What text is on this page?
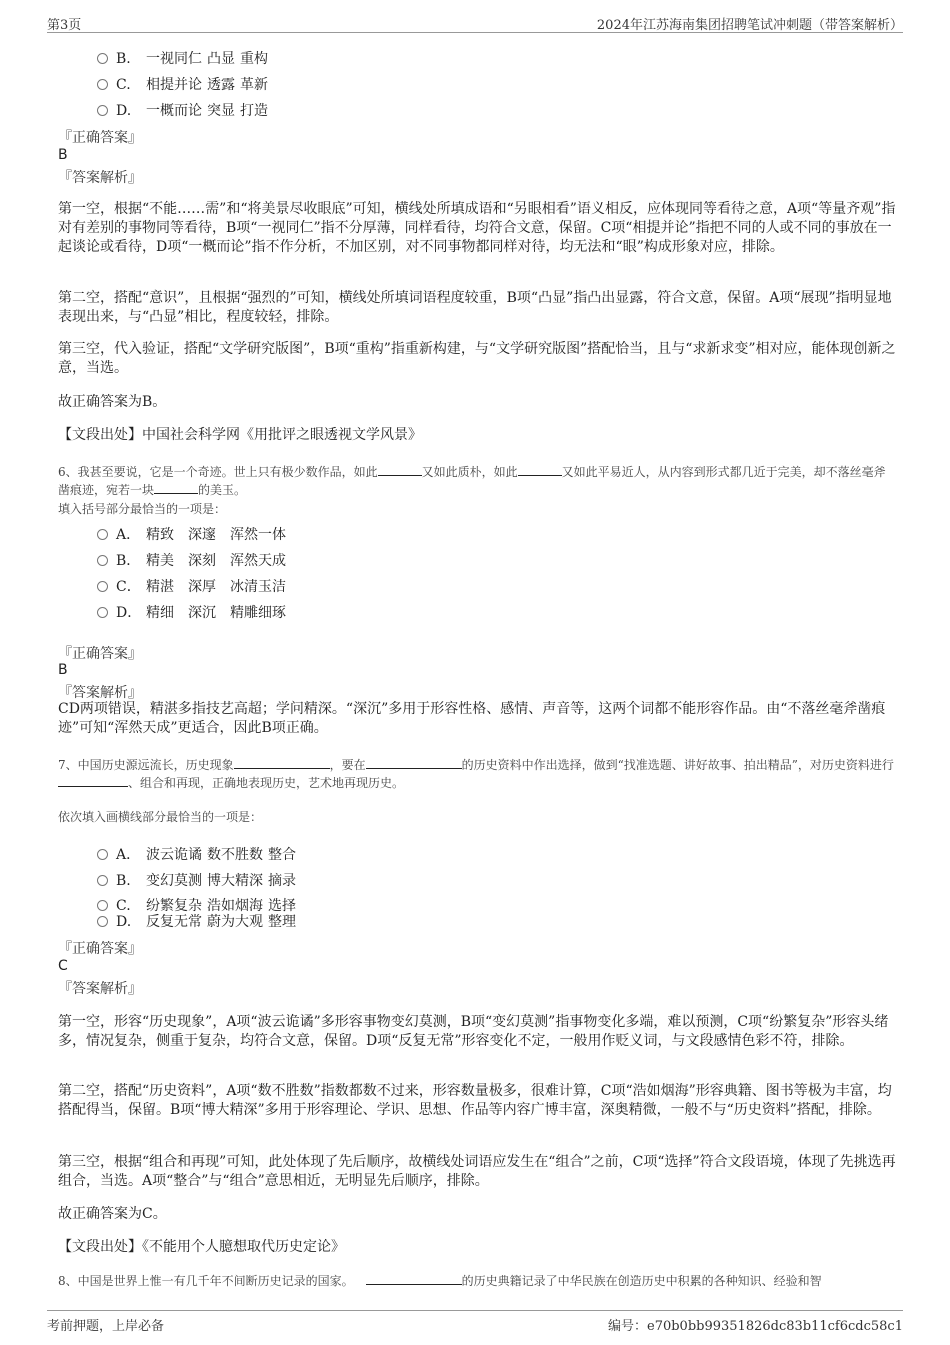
第3页	2024年江苏海南集团招聘笔试冲刺题（带答案解析）
B. 一视同仁 凸显 重构
C. 相提并论 透露 革新
D. 一概而论 突显 打造
『正确答案』
B
『答案解析』
第一空，根据“不能……需”和“将美景尽收眼底”可知，横线处所填成语和“另眼相看”语义相反，应体现同等看待之意，A项“等量齐观”指对有差别的事物同等看待，B项“一视同仁”指不分厚薄，同样看待，均符合文意，保留。C项“相提并论”指把不同的人或不同的事放在一起谈论或看待，D项“一概而论”指不作分析，不加区别，对不同事物都同样对待，均无法和“眼”构成形象对应，排除。
第二空，搭配“意识”，且根据“强烈的”可知，横线处所填词语程度较重，B项“凸显”指凸出显露，符合文意，保留。A项“展现”指明显地表现出来，与“凸显”相比，程度较轻，排除。
第三空，代入验证，搭配“文学研究版图”，B项“重构”指重新构建，与“文学研究版图”搭配恰当，且与“求新求变”相对应，能体现创新之意，当选。
故正确答案为B。
【文段出处】中国社会科学网《用批评之眼透视文学风景》
6、我甚至要说，它是一个奇迹。世上只有极少数作品，如此	又如此质朴，如此	又如此平易近人，从内容到形式都几近于完美，却不落丝毫斧凿痕迹，宛若一块	的美玉。
填入括号部分最恰当的一项是：
A． 精致 深邃 浑然一体
B． 精美 深刻 浑然天成
C． 精湛 深厚 冰清玉洁
D． 精细 深沉 精雕细琢
『正确答案』
B
『答案解析』
CD两项错误，精湛多指技艺高超；学问精深。“深沉”多用于形容性格、感情、声音等，这两个词都不能形容作品。由“不落丝毫斧凿痕迹”可知“浑然天成”更适合，因此B项正确。
7、中国历史源远流长，历史现象	，要在	的历史资料中作出选择，做到“找准选题、讲好故事、拍出精品”，对历史资料进行、组合和再现，正确地表现历史，艺术地再现历史。
依次填入画横线部分最恰当的一项是：
A． 波云诡谲 数不胜数 整合
B. 变幻莫测 博大精深 摘录
C. 纷繁复杂 浩如烟海 选择
D. 反复无常 蔚为大观 整理
『正确答案』
C
『答案解析』
第一空，形容“历史现象”，A项“波云诡谲”多形容事物变幻莫测，B项“变幻莫测”指事物变化多端，难以预测，C项“纷繁复杂”形容头绪多，情况复杂，侧重于复杂，均符合文意，保留。D项“反复无常”形容变化不定，一般用作贬义词，与文段感情色彩不符，排除。
第二空，搭配“历史资料”，A项“数不胜数”指数都数不过来，形容数量极多，很难计算，C项“浩如烟海”形容典籍、图书等极为丰富，均搭配得当，保留。B项“博大精深”多用于形容理论、学识、思想、作品等内容广博丰富，深奥精微，一般不与“历史资料”搭配，排除。
第三空，根据“组合和再现”可知，此处体现了先后顺序，故横线处词语应发生在“组合”之前，C项“选择”符合文段语境，体现了先挑选再组合，当选。A项“整合”与“组合”意思相近，无明显先后顺序，排除。
故正确答案为C。
【文段出处】《不能用个人臆想取代历史定论》
8、中国是世界上惟一有几千年不间断历史记录的国家。	的历史典籍记录了中华民族在创造历史中积累的各种知识、经验和智
考前押题，上岸必备	编号：e70b0bb99351826dc83b11cf6cdc58c1
